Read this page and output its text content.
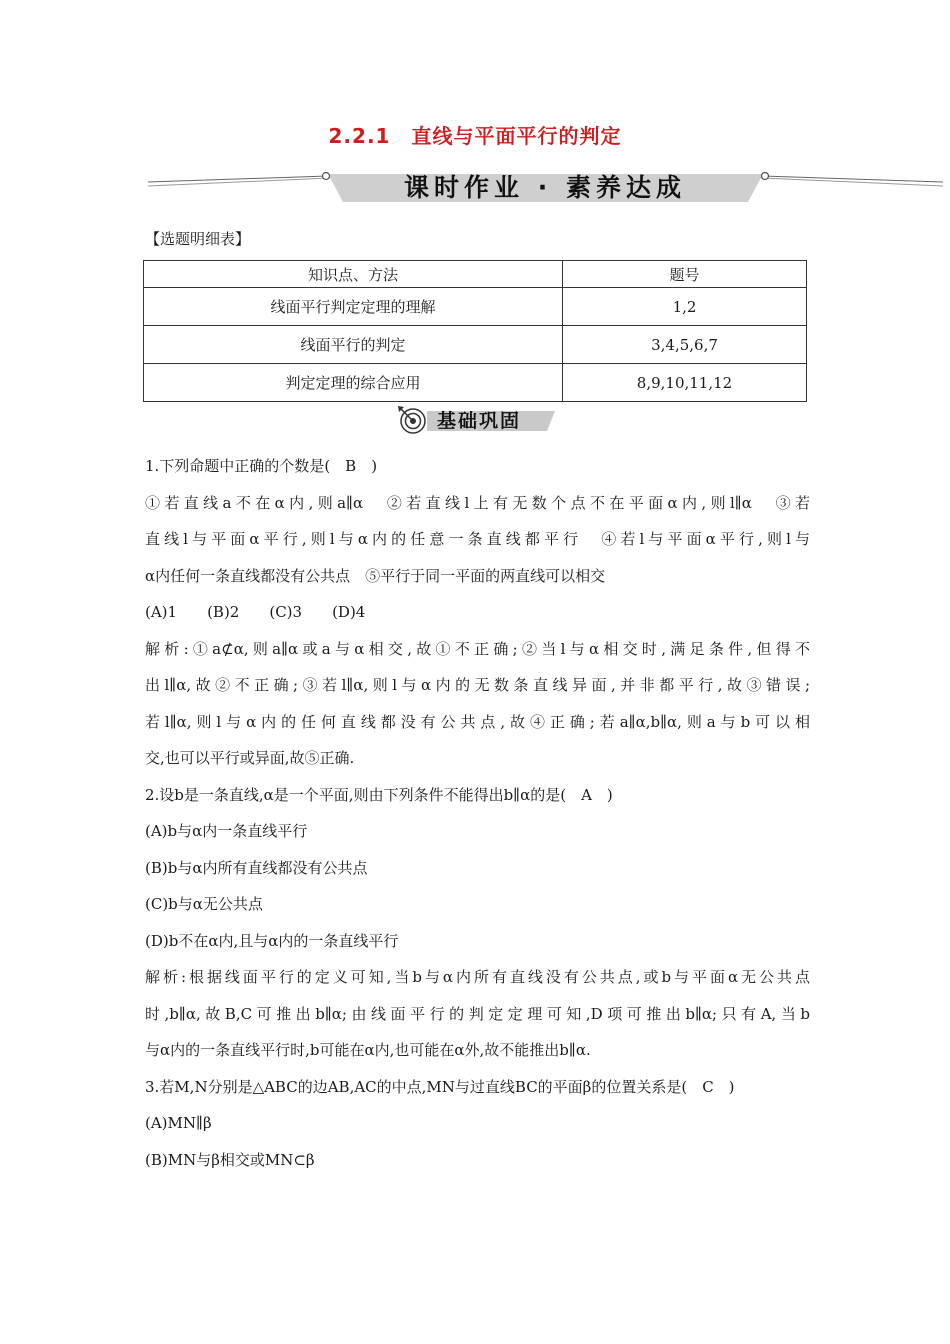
2.2.1　直线与平面平行的判定
课时作业 · 素养达成
【选题明细表】
知识点、方法	题号
线面平行判定定理的理解	1,2
线面平行的判定	3,4,5,6,7
判定定理的综合应用	8,9,10,11,12
基础巩固

1.下列命题中正确的个数是(　B　)

①若直线a不在α内,则a∥α　②若直线l上有无数个点不在平面α内,则l∥α　③若

直线l与平面α平行,则l与α内的任意一条直线都平行　④若l与平面α平行,则l与

α内任何一条直线都没有公共点　⑤平行于同一平面的两直线可以相交

(A)1　　(B)2　　(C)3　　(D)4

解析:①a⊄α,则a∥α或a与α相交,故①不正确;②当l与α相交时,满足条件,但得不

出l∥α,故②不正确;③若l∥α,则l与α内的无数条直线异面,并非都平行,故③错误;

若l∥α,则l与α内的任何直线都没有公共点,故④正确;若a∥α,b∥α,则a与b可以相

交,也可以平行或异面,故⑤正确.

2.设b是一条直线,α是一个平面,则由下列条件不能得出b∥α的是(　A　)

(A)b与α内一条直线平行

(B)b与α内所有直线都没有公共点

(C)b与α无公共点

(D)b不在α内,且与α内的一条直线平行

解析:根据线面平行的定义可知,当b与α内所有直线没有公共点,或b与平面α无公共点

时,b∥α,故B,C可推出b∥α;由线面平行的判定定理可知,D项可推出b∥α;只有A,当b

与α内的一条直线平行时,b可能在α内,也可能在α外,故不能推出b∥α.

3.若M,N分别是△ABC的边AB,AC的中点,MN与过直线BC的平面β的位置关系是(　C　)

(A)MN∥β

(B)MN与β相交或MN⊂β
